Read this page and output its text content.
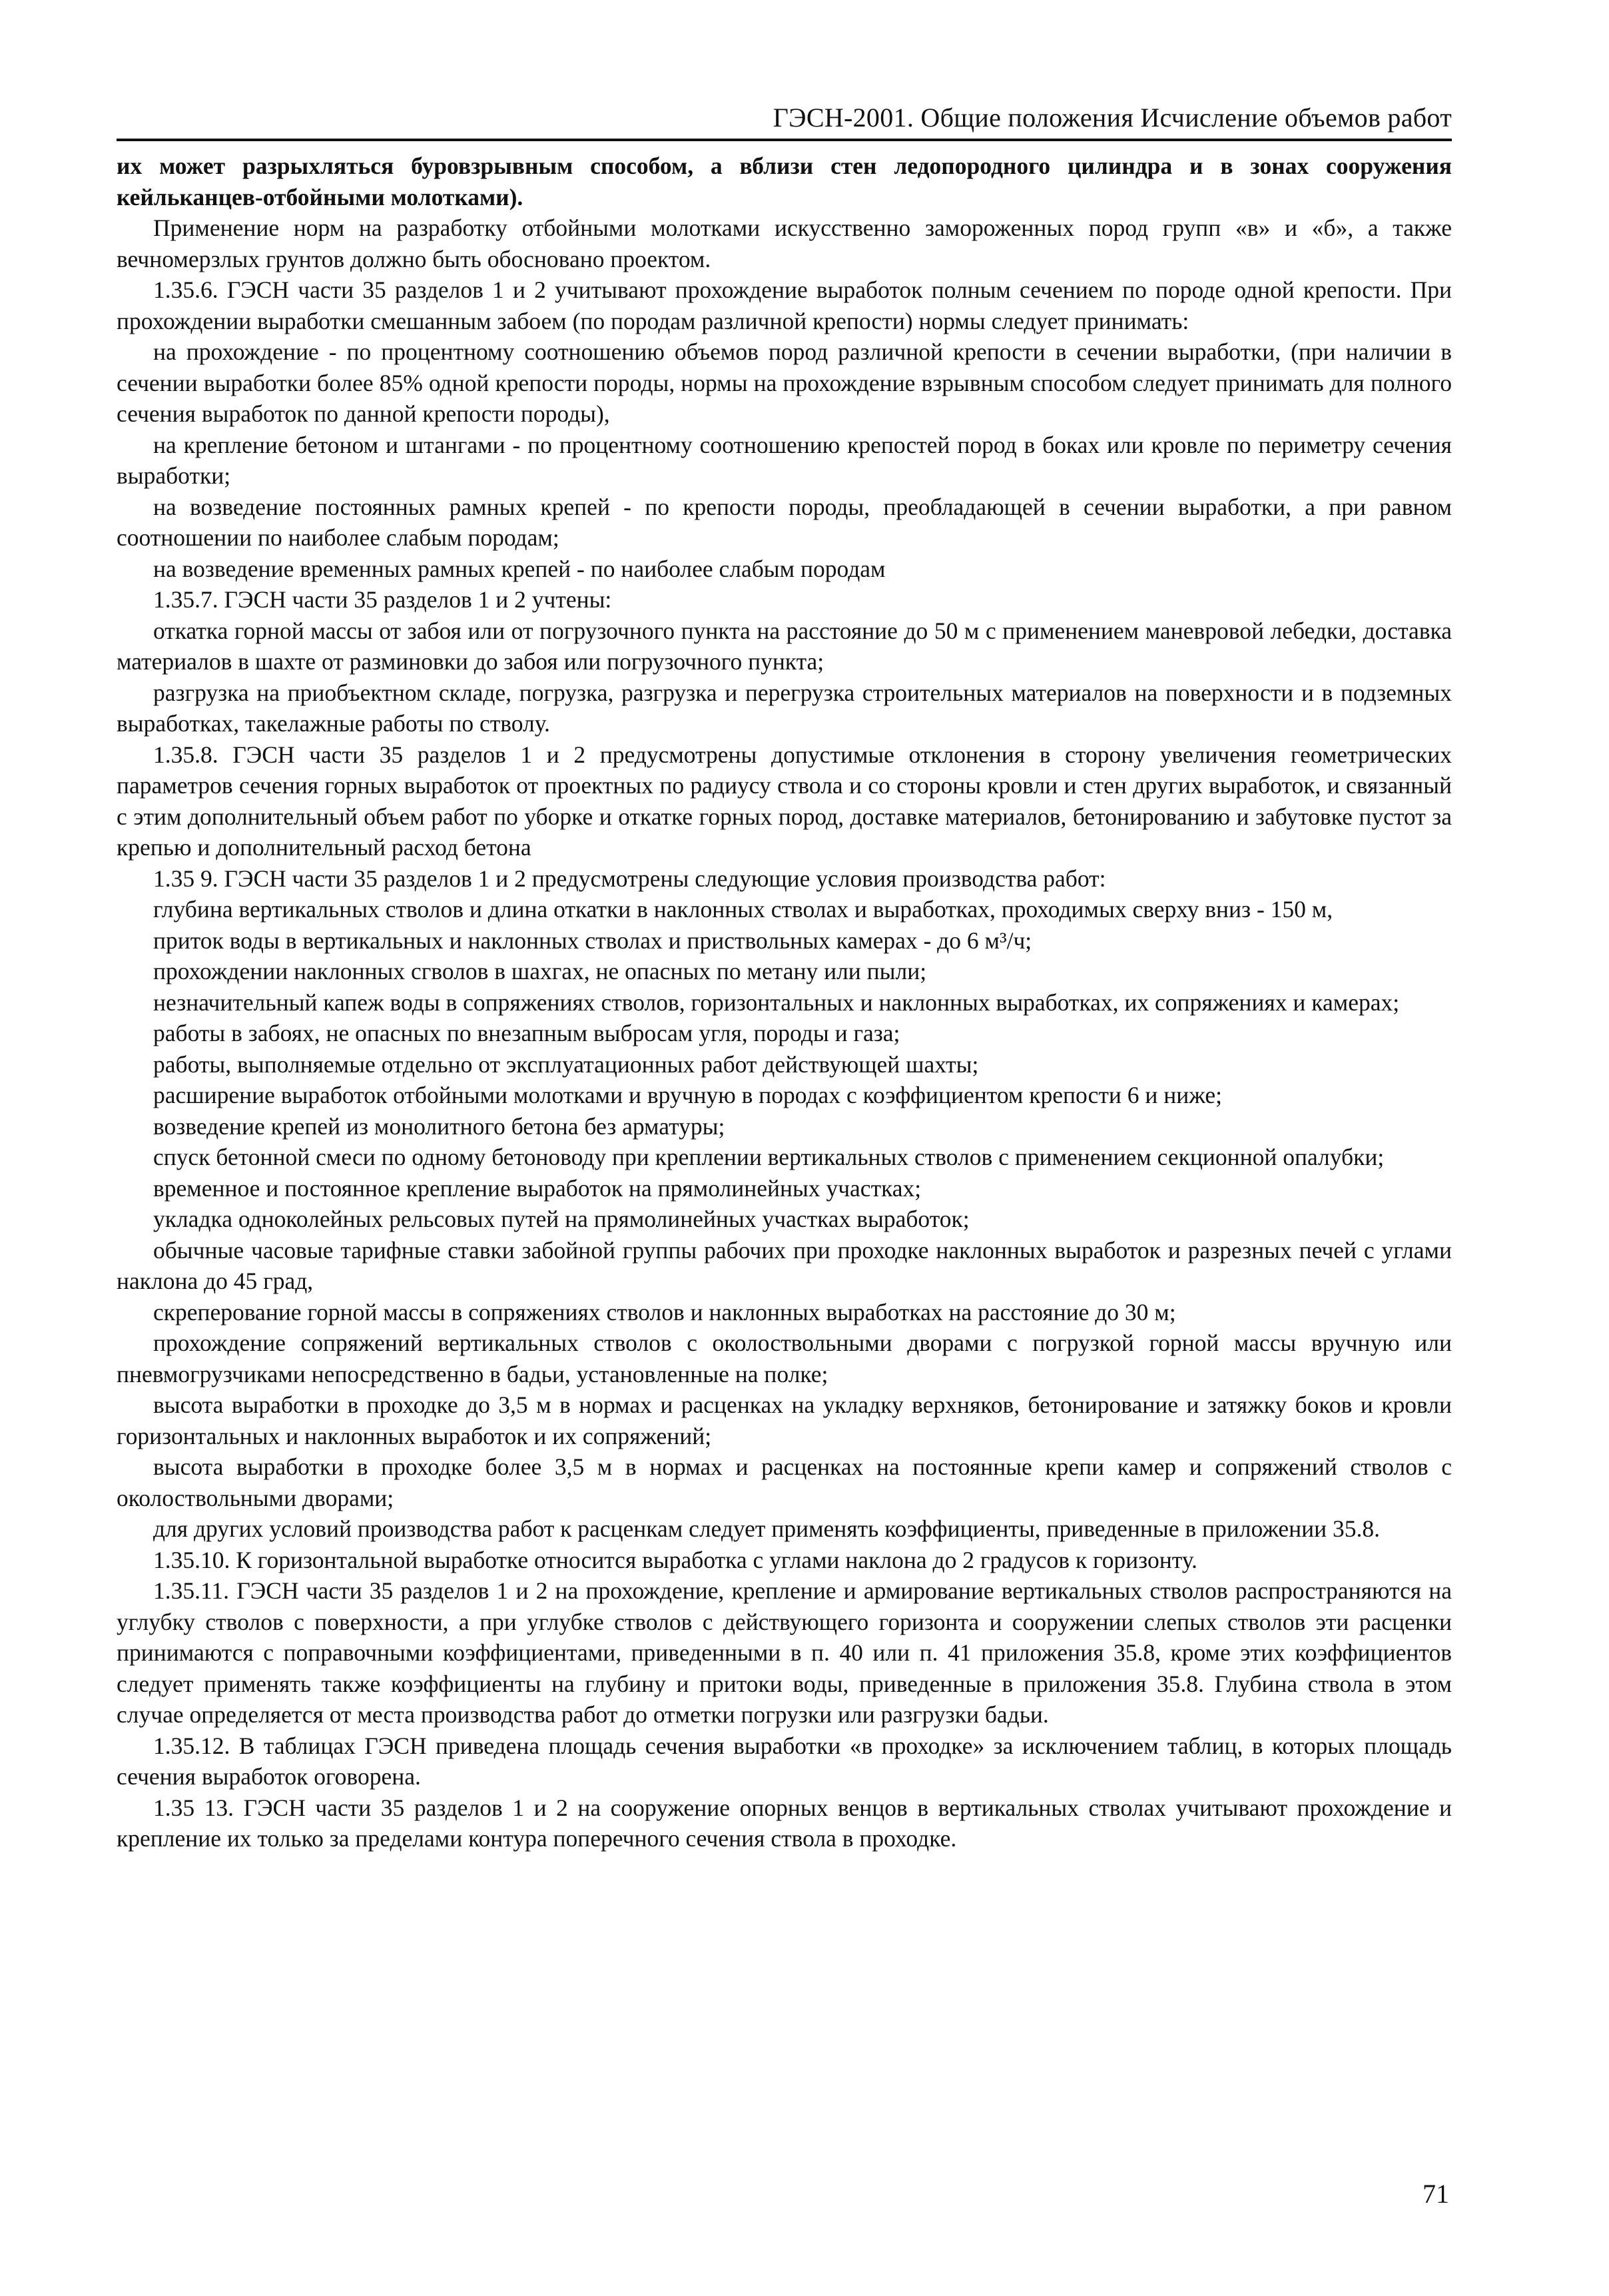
ГЭСН-2001. Общие положения Исчисление объемов работ

их может разрыхляться буровзрывным способом, а вблизи стен ледопородного цилиндра и в зонах сооружения кейльканцев-отбойными молотками).

Применение норм на разработку отбойными молотками искусственно замороженных пород групп «в» и «б», а также вечномерзлых грунтов должно быть обосновано проектом.

1.35.6. ГЭСН части 35 разделов 1 и 2 учитывают прохождение выработок полным сечением по породе одной крепости. При прохождении выработки смешанным забоем (по породам различной крепости) нормы следует принимать:

на прохождение - по процентному соотношению объемов пород различной крепости в сечении выработки, (при наличии в сечении выработки более 85% одной крепости породы, нормы на прохождение взрывным способом следует принимать для полного сечения выработок по данной крепости породы),

на крепление бетоном и штангами - по процентному соотношению крепостей пород в боках или кровле по периметру сечения выработки;

на возведение постоянных рамных крепей - по крепости породы, преобладающей в сечении выработки, а при равном соотношении по наиболее слабым породам;

на возведение временных рамных крепей - по наиболее слабым породам

1.35.7. ГЭСН части 35 разделов 1 и 2 учтены:

откатка горной массы от забоя или от погрузочного пункта на расстояние до 50 м с применением маневровой лебедки, доставка материалов в шахте от разминовки до забоя или погрузочного пункта;

разгрузка на приобъектном складе, погрузка, разгрузка и перегрузка строительных материалов на поверхности и в подземных выработках, такелажные работы по стволу.

1.35.8. ГЭСН части 35 разделов 1 и 2 предусмотрены допустимые отклонения в сторону увеличения геометрических параметров сечения горных выработок от проектных по радиусу ствола и со стороны кровли и стен других выработок, и связанный с этим дополнительный объем работ по уборке и откатке горных пород, доставке материалов, бетонированию и забутовке пустот за крепью и дополнительный расход бетона

1.35 9. ГЭСН части 35 разделов 1 и 2 предусмотрены следующие условия производства работ:

глубина вертикальных стволов и длина откатки в наклонных стволах и выработках, проходимых сверху вниз - 150 м,

приток воды в вертикальных и наклонных стволах и приствольных камерах - до 6 м³/ч;

прохождении наклонных сгволов в шахгах, не опасных по метану или пыли;

незначительный капеж воды в сопряжениях стволов, горизонтальных и наклонных выработках, их сопряжениях и камерах;

работы в забоях, не опасных по внезапным выбросам угля, породы и газа;

работы, выполняемые отдельно от эксплуатационных работ действующей шахты;

расширение выработок отбойными молотками и вручную в породах с коэффициентом крепости 6 и ниже;

возведение крепей из монолитного бетона без арматуры;

спуск бетонной смеси по одному бетоноводу при креплении вертикальных стволов с применением секционной опалубки;

временное и постоянное крепление выработок на прямолинейных участках;

укладка одноколейных рельсовых путей на прямолинейных участках выработок;

обычные часовые тарифные ставки забойной группы рабочих при проходке наклонных выработок и разрезных печей с углами наклона до 45 град,

скреперование горной массы в сопряжениях стволов и наклонных выработках на расстояние до 30 м;

прохождение сопряжений вертикальных стволов с околоствольными дворами с погрузкой горной массы вручную или пневмогрузчиками непосредственно в бадьи, установленные на полке;

высота выработки в проходке до 3,5 м в нормах и расценках на укладку верхняков, бетонирование и затяжку боков и кровли горизонтальных и наклонных выработок и их сопряжений;

высота выработки в проходке более 3,5 м в нормах и расценках на постоянные крепи камер и сопряжений стволов с околоствольными дворами;

для других условий производства работ к расценкам следует применять коэффициенты, приведенные в приложении 35.8.

1.35.10. К горизонтальной выработке относится выработка с углами наклона до 2 градусов к горизонту.

1.35.11. ГЭСН части 35 разделов 1 и 2 на прохождение, крепление и армирование вертикальных стволов распространяются на углубку стволов с поверхности, а при углубке стволов с действующего горизонта и сооружении слепых стволов эти расценки принимаются с поправочными коэффициентами, приведенными в п. 40 или п. 41 приложения 35.8, кроме этих коэффициентов следует применять также коэффициенты на глубину и притоки воды, приведенные в приложения 35.8. Глубина ствола в этом случае определяется от места производства работ до отметки погрузки или разгрузки бадьи.

1.35.12. В таблицах ГЭСН приведена площадь сечения выработки «в проходке» за исключением таблиц, в которых площадь сечения выработок оговорена.

1.35 13. ГЭСН части 35 разделов 1 и 2 на сооружение опорных венцов в вертикальных стволах учитывают прохождение и крепление их только за пределами контура поперечного сечения ствола в проходке.

71
